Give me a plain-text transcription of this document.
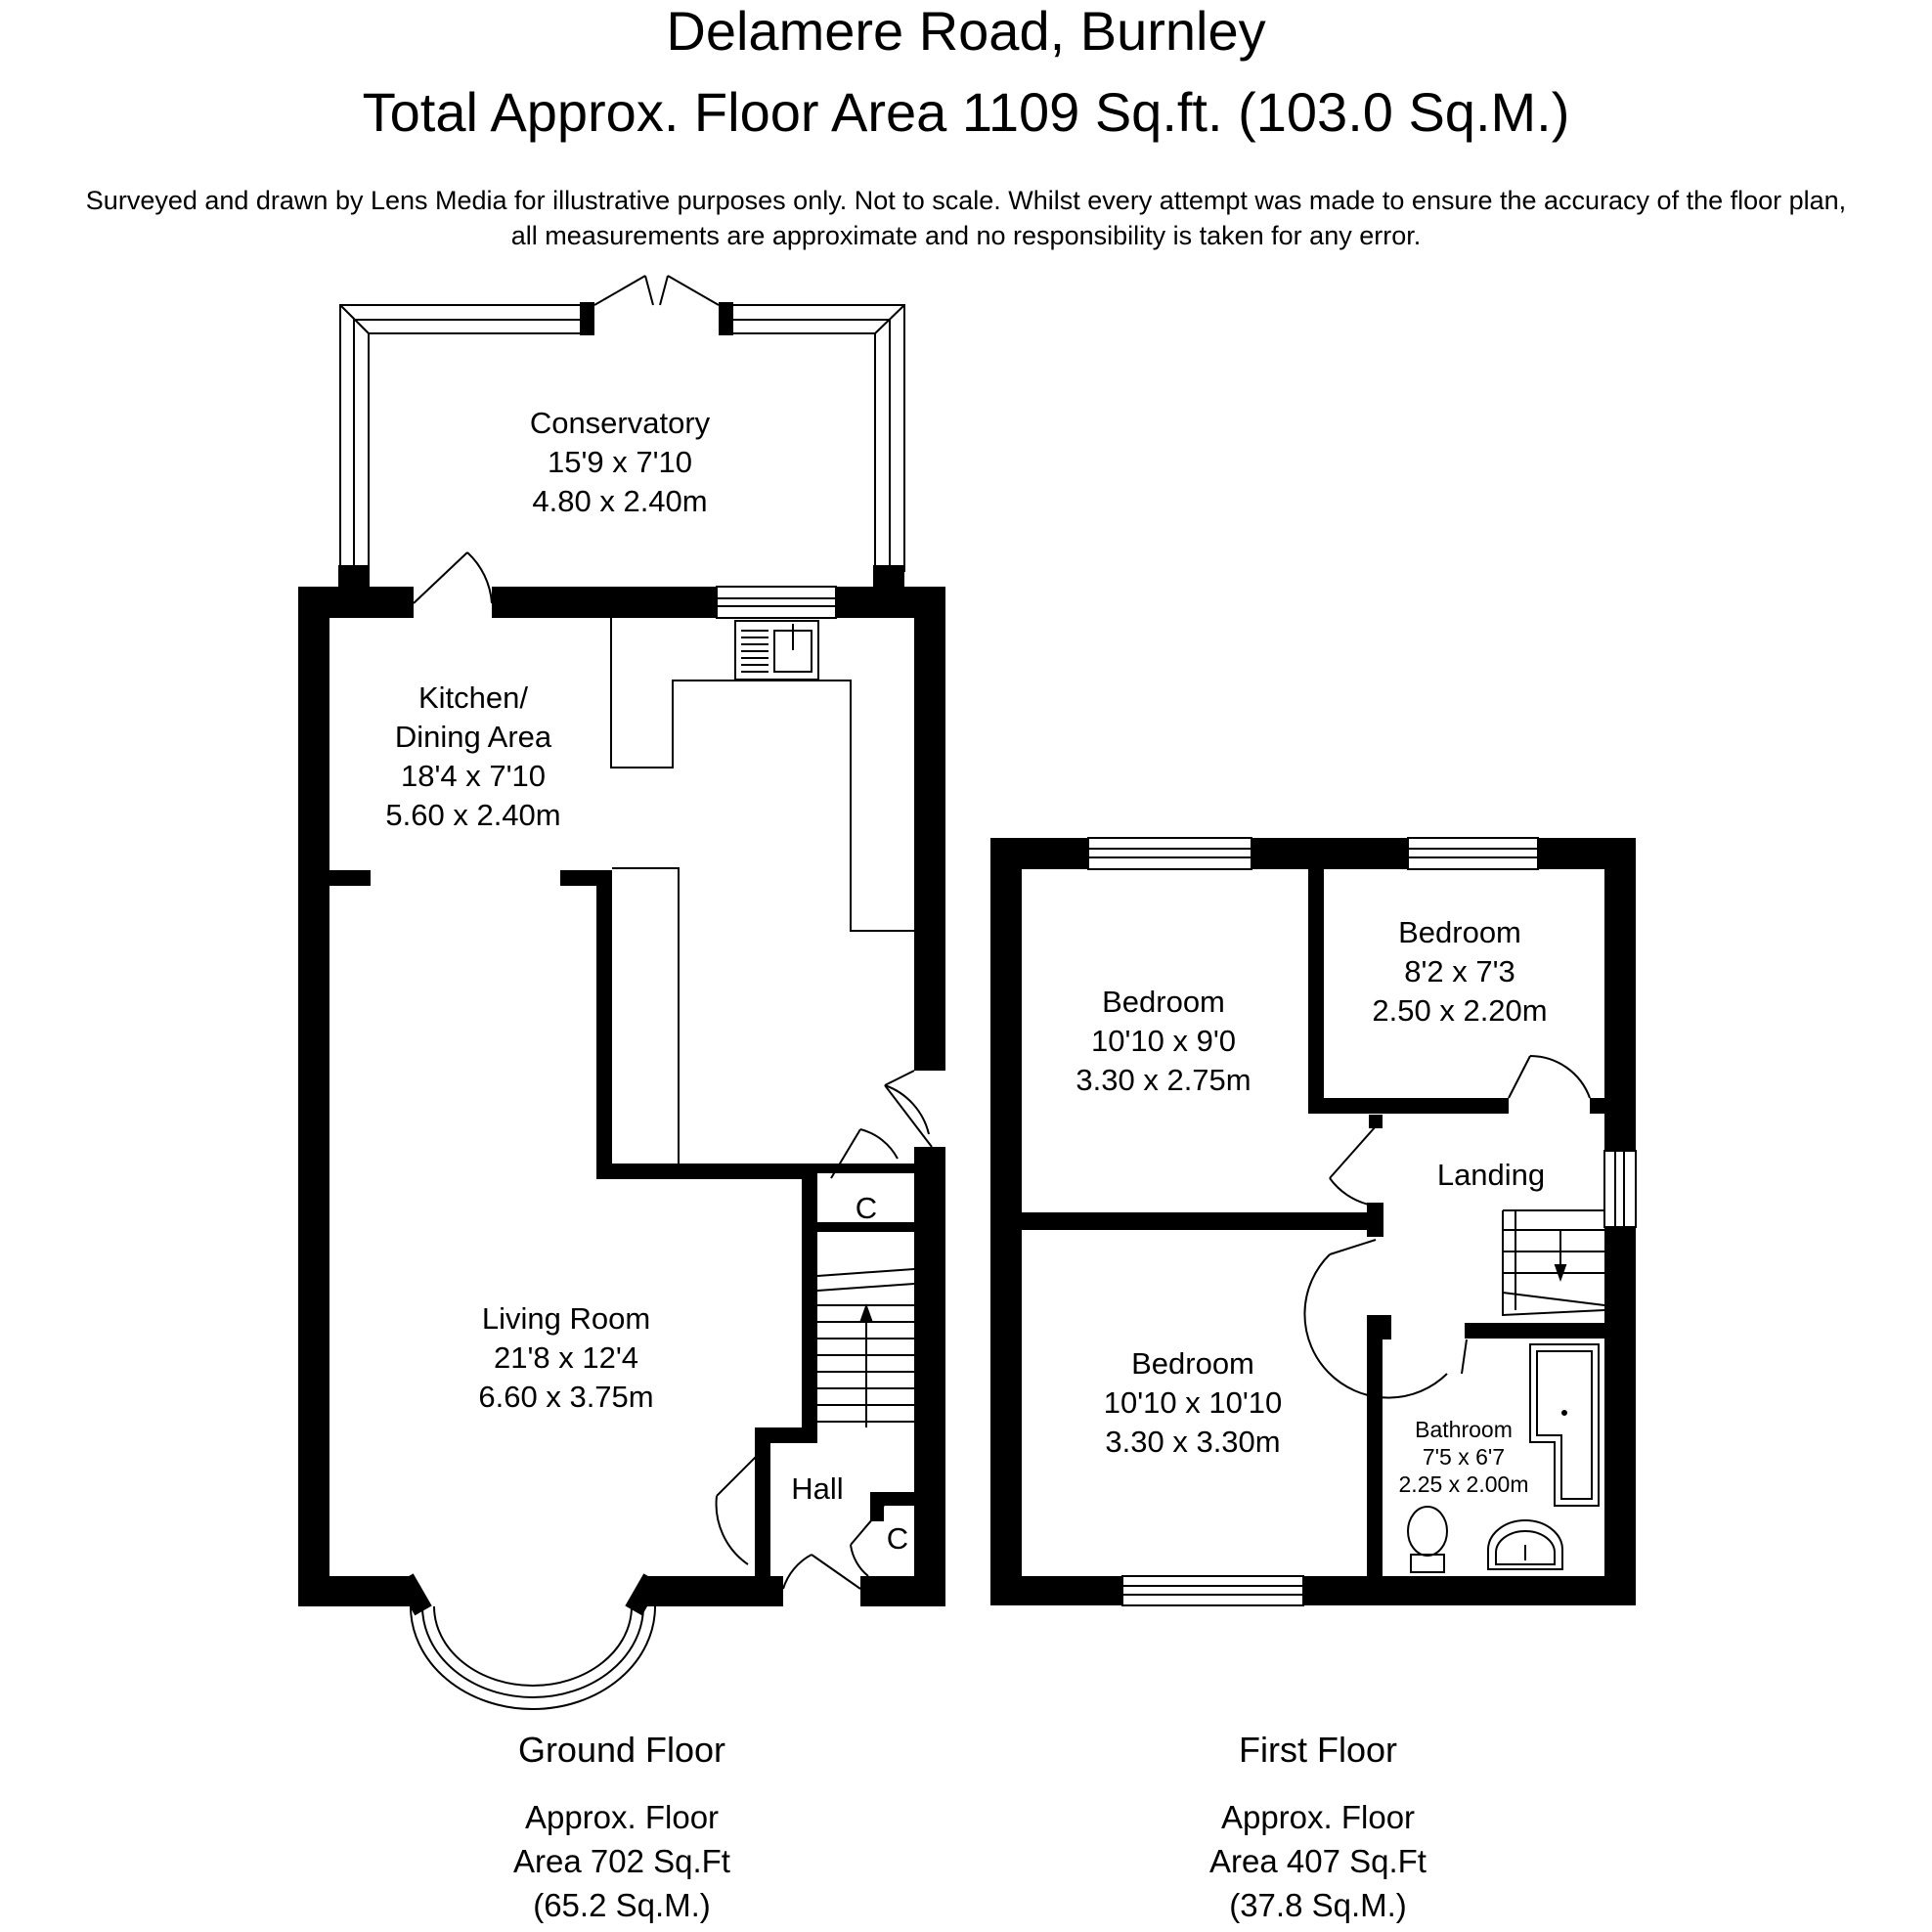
Delamere Road, Burnley
Total Approx. Floor Area 1109 Sq.ft. (103.0 Sq.M.)
Surveyed and drawn by Lens Media for illustrative purposes only. Not to scale. Whilst every attempt was made to ensure the accuracy of the floor plan,
all measurements are approximate and no responsibility is taken for any error.
Conservatory
15'9 x 7'10
4.80 x 2.40m
Kitchen/
Dining Area
18'4 x 7'10
5.60 x 2.40m
Living Room
21'8 x 12'4
6.60 x 3.75m
Hall
C
C
Bedroom
10'10 x 9'0
3.30 x 2.75m
Bedroom
8'2 x 7'3
2.50 x 2.20m
Bedroom
10'10 x 10'10
3.30 x 3.30m
Landing
Bathroom
7'5 x 6'7
2.25 x 2.00m
Ground Floor
Approx. Floor
Area 702 Sq.Ft
(65.2 Sq.M.)
First Floor
Approx. Floor
Area 407 Sq.Ft
(37.8 Sq.M.)
